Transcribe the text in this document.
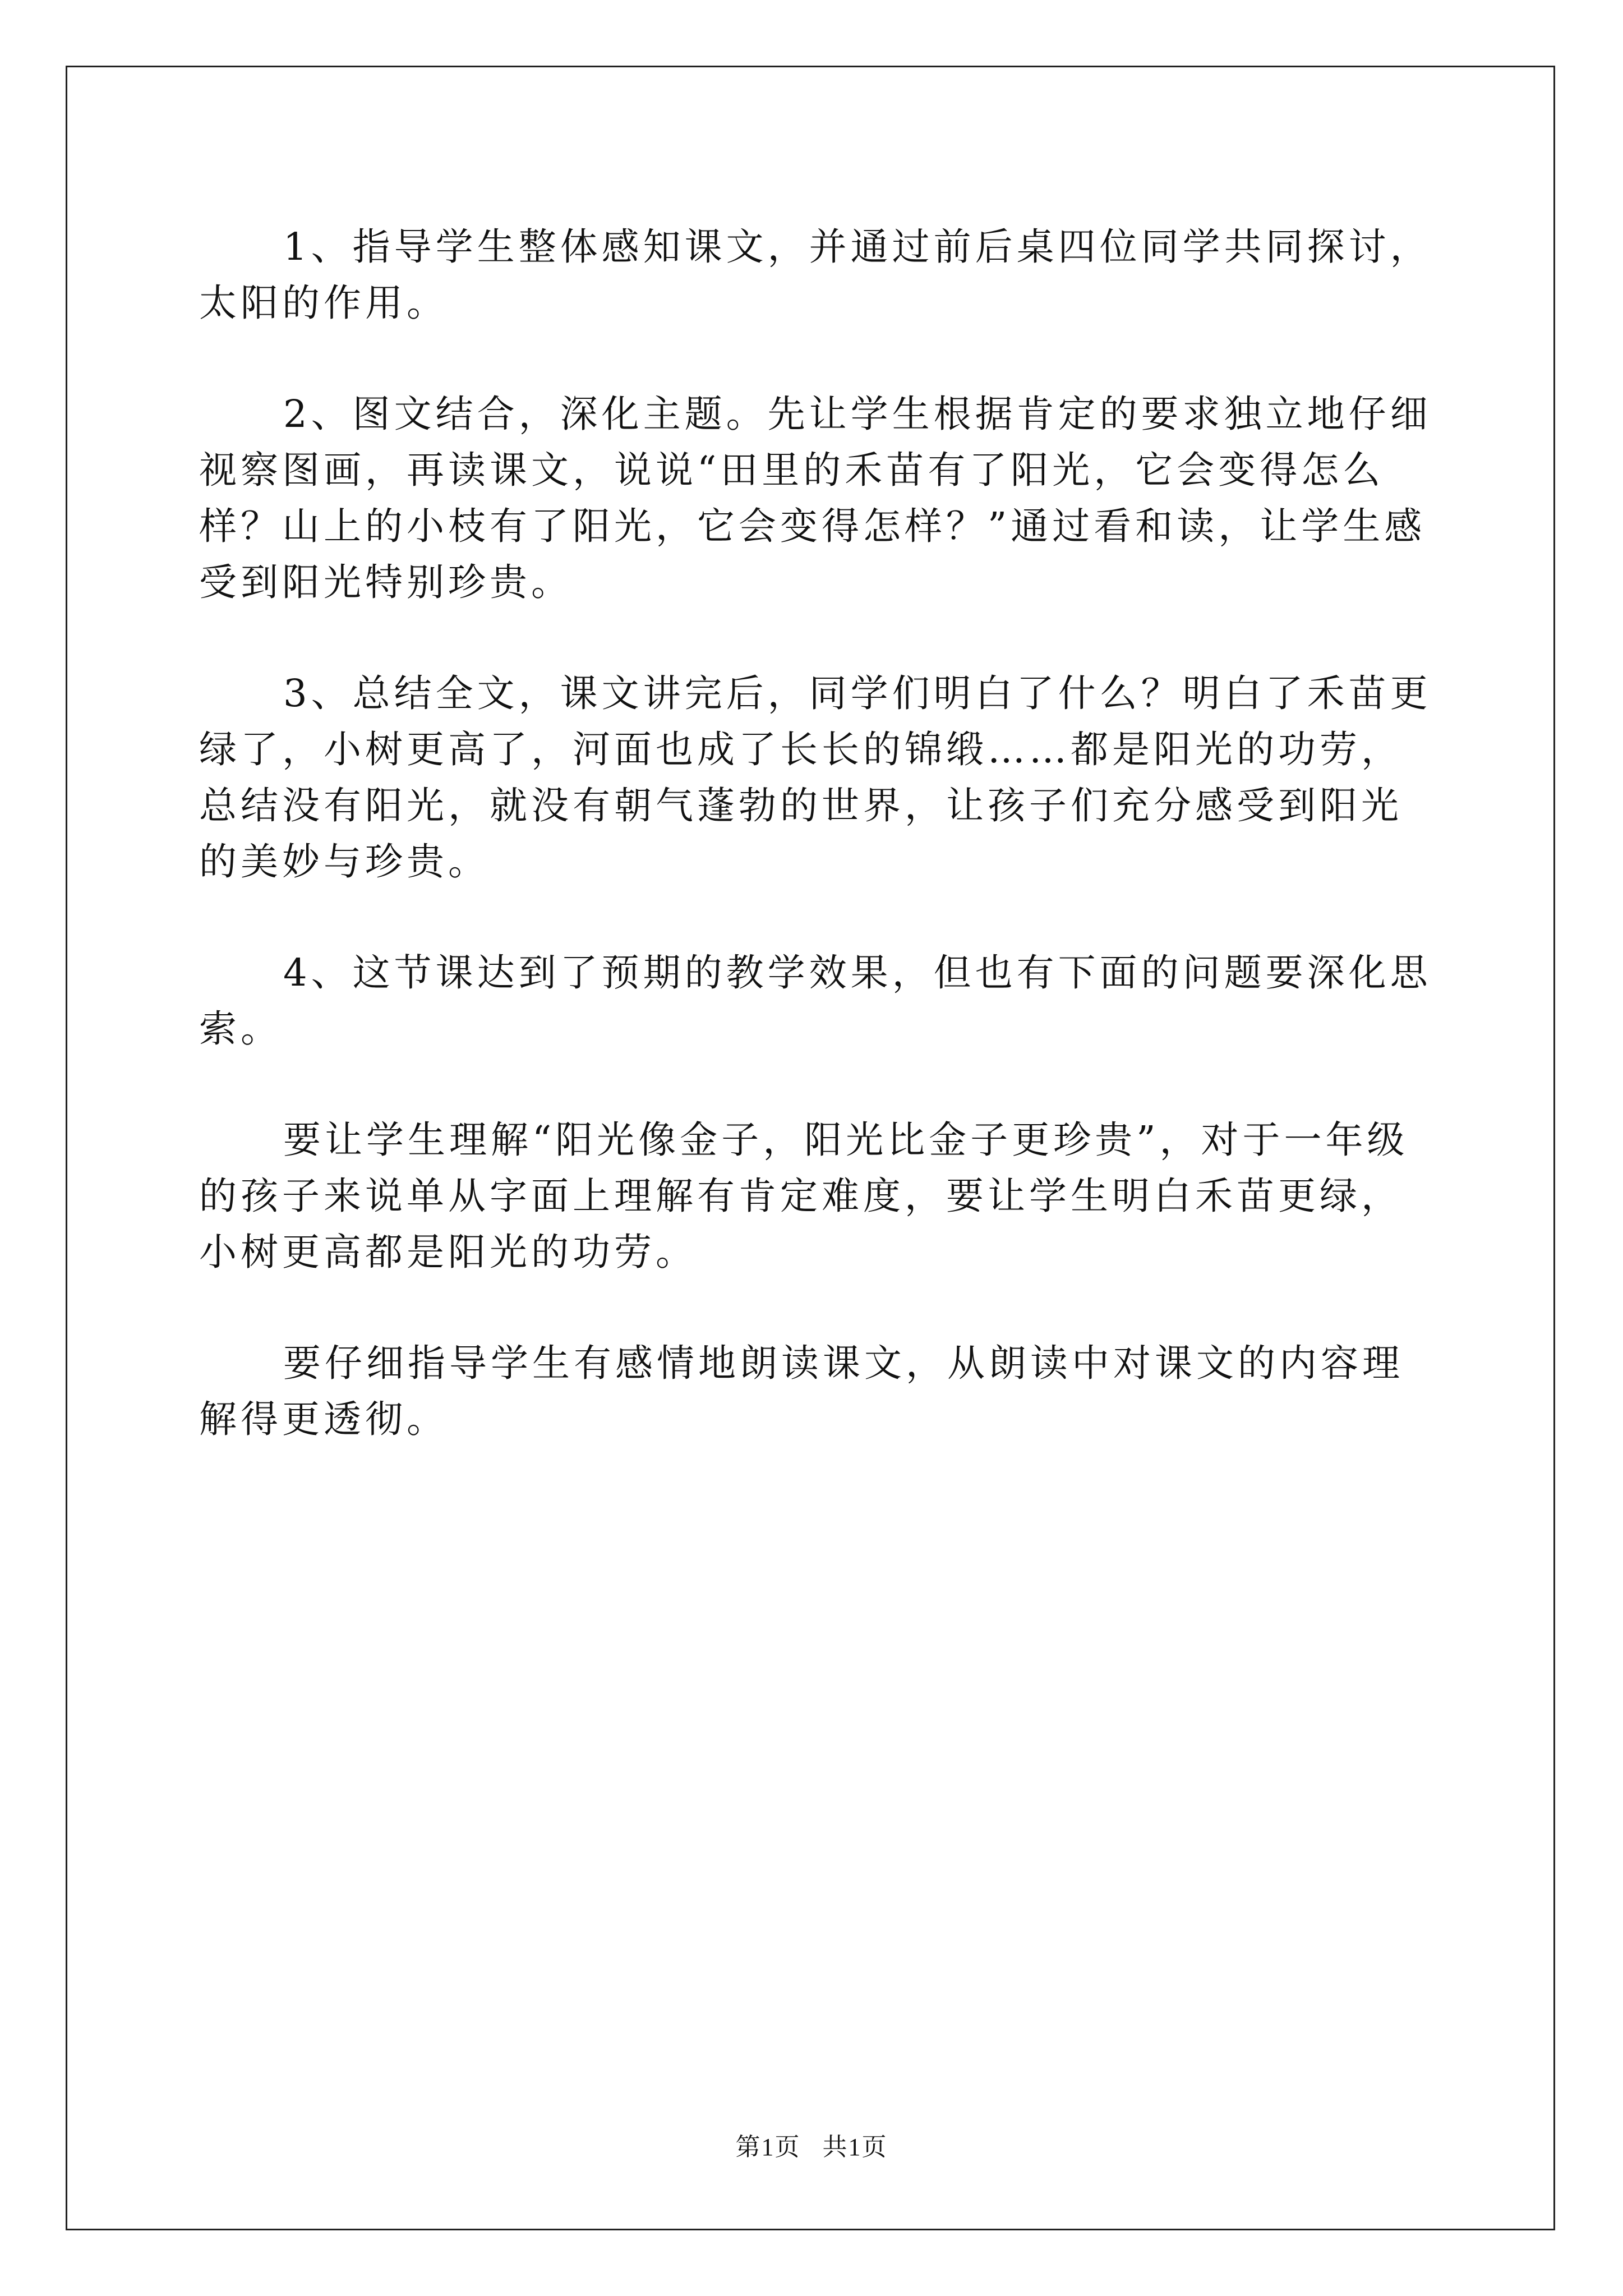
1、指导学生整体感知课文，并通过前后桌四位同学共同探讨，太阳的作用。

2、图文结合，深化主题。先让学生根据肯定的要求独立地仔细视察图画，再读课文，说说“田里的禾苗有了阳光，它会变得怎么样？山上的小枝有了阳光，它会变得怎样？”通过看和读，让学生感受到阳光特别珍贵。

3、总结全文，课文讲完后，同学们明白了什么？明白了禾苗更绿了，小树更高了，河面也成了长长的锦缎……都是阳光的功劳，总结没有阳光，就没有朝气蓬勃的世界，让孩子们充分感受到阳光的美妙与珍贵。

4、这节课达到了预期的教学效果，但也有下面的问题要深化思索。

要让学生理解“阳光像金子，阳光比金子更珍贵”，对于一年级的孩子来说单从字面上理解有肯定难度，要让学生明白禾苗更绿，小树更高都是阳光的功劳。

要仔细指导学生有感情地朗读课文，从朗读中对课文的内容理解得更透彻。

第1页 共1页
